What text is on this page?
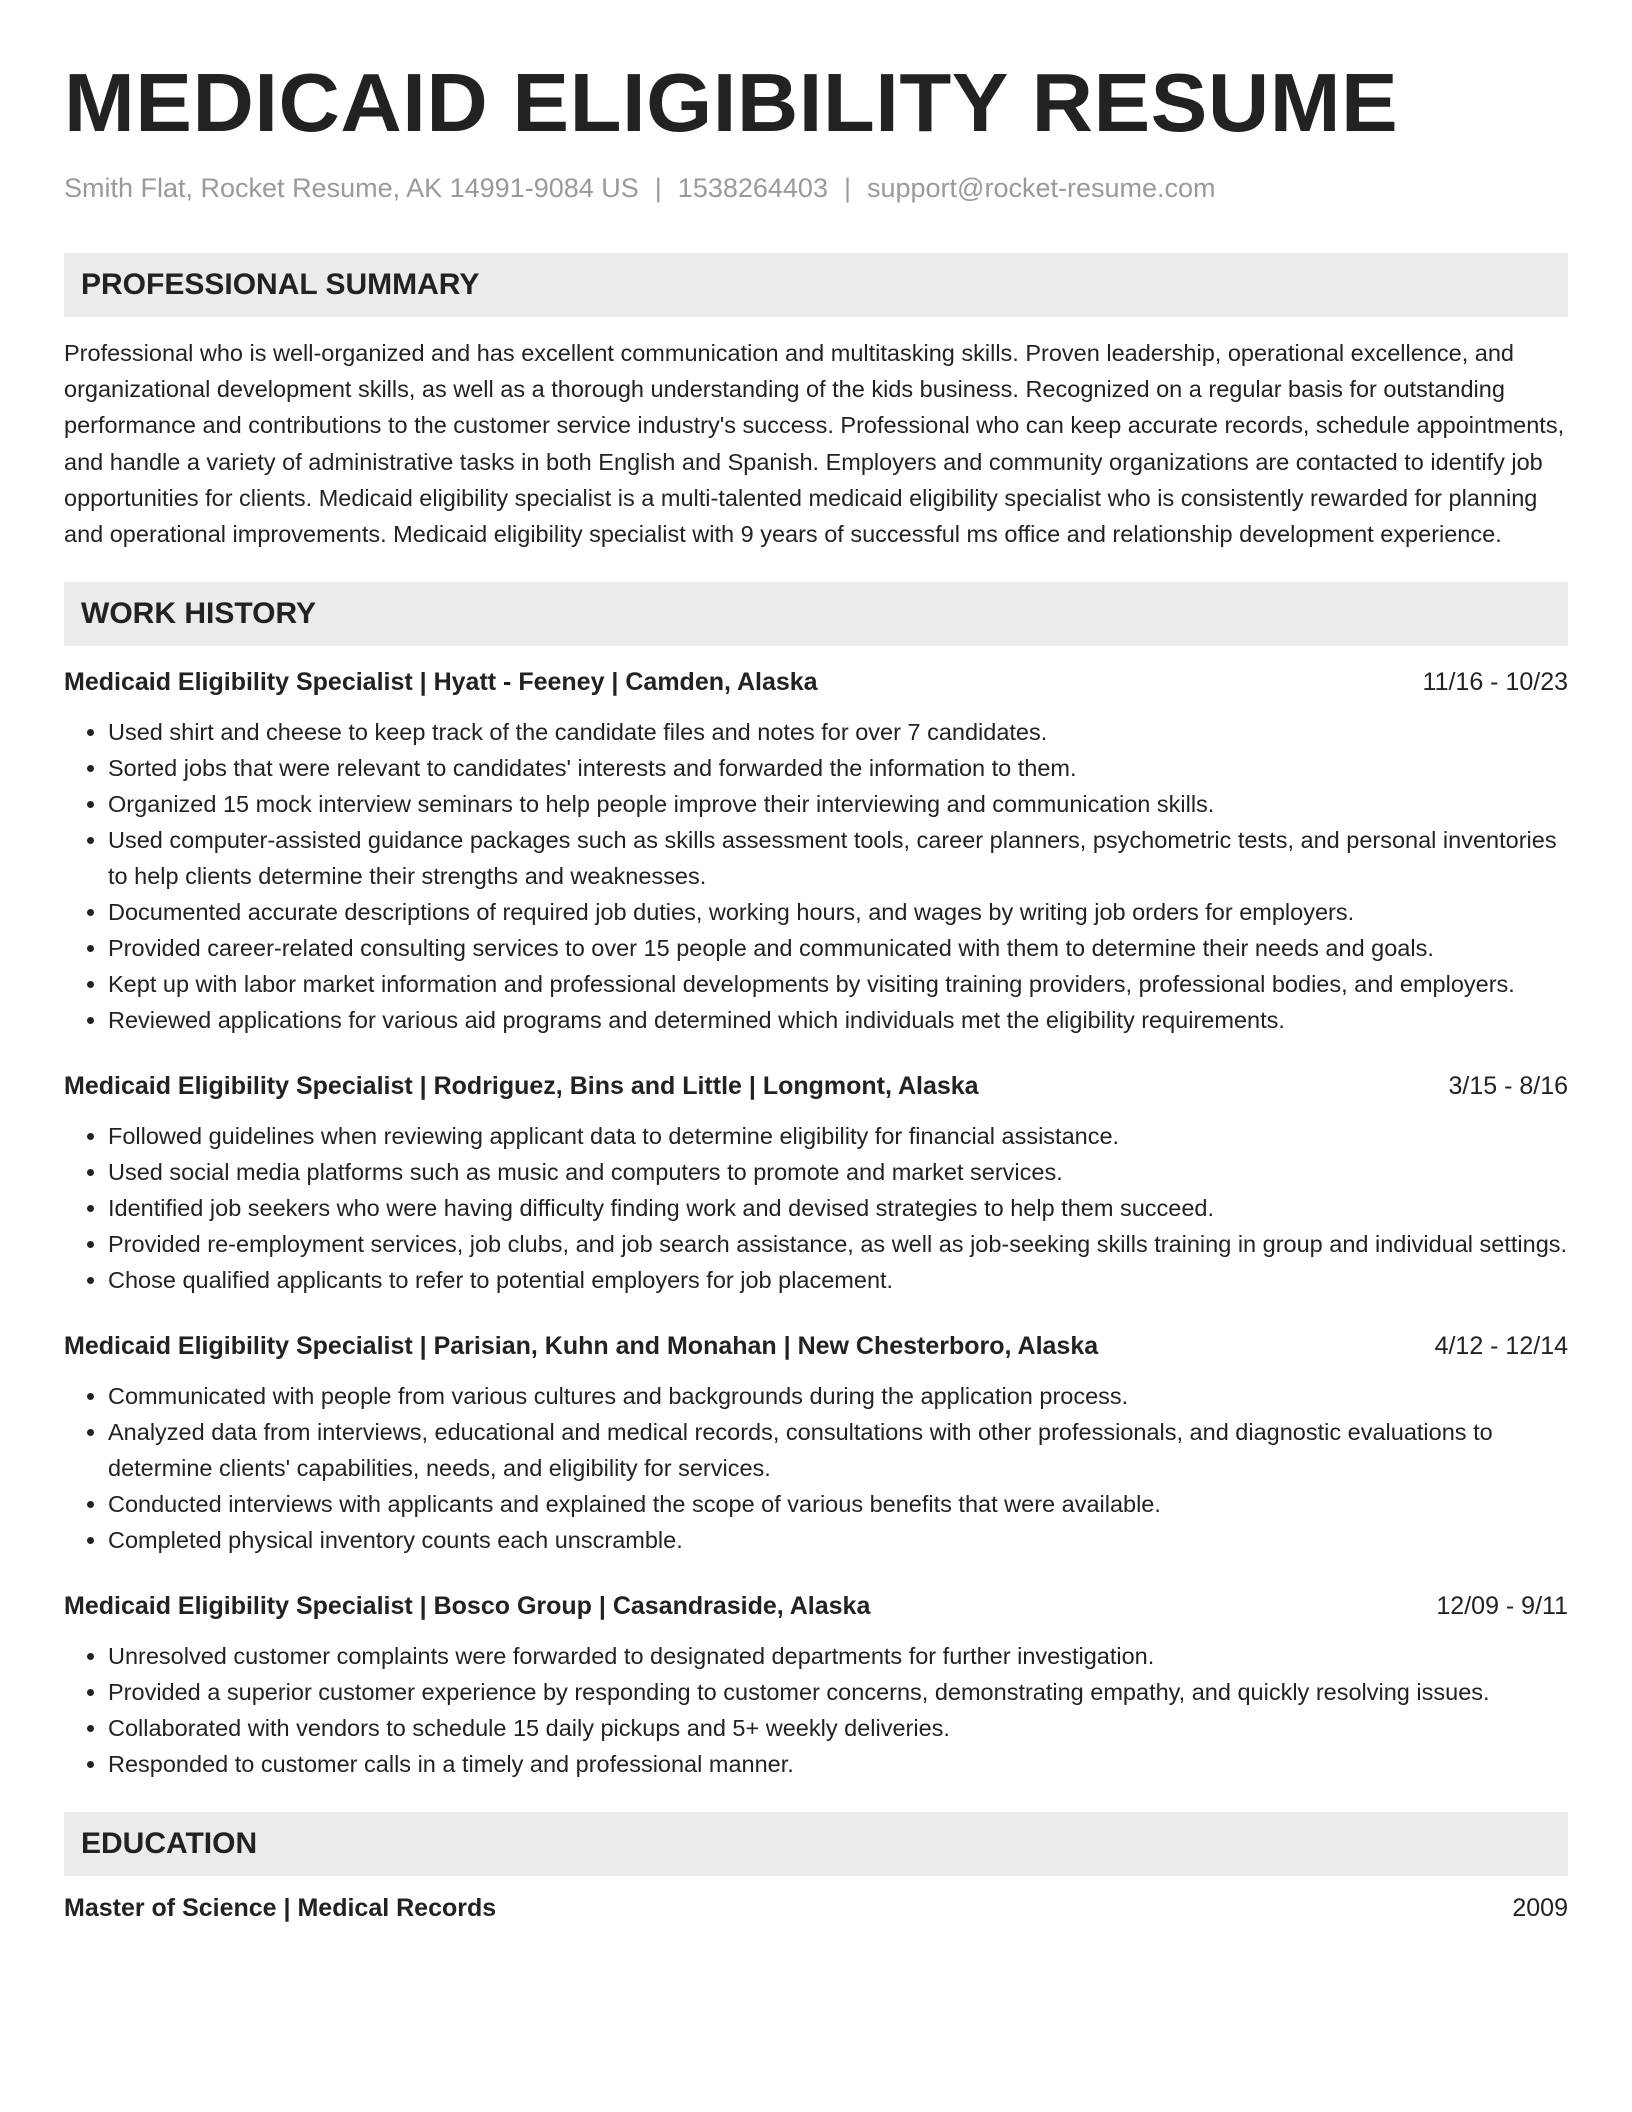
MEDICAID ELIGIBILITY RESUME
Smith Flat, Rocket Resume, AK 14991-9084 US | 1538264403 | support@rocket-resume.com
PROFESSIONAL SUMMARY
Professional who is well-organized and has excellent communication and multitasking skills. Proven leadership, operational excellence, and organizational development skills, as well as a thorough understanding of the kids business. Recognized on a regular basis for outstanding performance and contributions to the customer service industry's success. Professional who can keep accurate records, schedule appointments, and handle a variety of administrative tasks in both English and Spanish. Employers and community organizations are contacted to identify job opportunities for clients. Medicaid eligibility specialist is a multi-talented medicaid eligibility specialist who is consistently rewarded for planning and operational improvements. Medicaid eligibility specialist with 9 years of successful ms office and relationship development experience.
WORK HISTORY
Medicaid Eligibility Specialist | Hyatt - Feeney | Camden, Alaska	11/16 - 10/23
• Used shirt and cheese to keep track of the candidate files and notes for over 7 candidates.
• Sorted jobs that were relevant to candidates' interests and forwarded the information to them.
• Organized 15 mock interview seminars to help people improve their interviewing and communication skills.
• Used computer-assisted guidance packages such as skills assessment tools, career planners, psychometric tests, and personal inventories to help clients determine their strengths and weaknesses.
• Documented accurate descriptions of required job duties, working hours, and wages by writing job orders for employers.
• Provided career-related consulting services to over 15 people and communicated with them to determine their needs and goals.
• Kept up with labor market information and professional developments by visiting training providers, professional bodies, and employers.
• Reviewed applications for various aid programs and determined which individuals met the eligibility requirements.
Medicaid Eligibility Specialist | Rodriguez, Bins and Little | Longmont, Alaska	3/15 - 8/16
• Followed guidelines when reviewing applicant data to determine eligibility for financial assistance.
• Used social media platforms such as music and computers to promote and market services.
• Identified job seekers who were having difficulty finding work and devised strategies to help them succeed.
• Provided re-employment services, job clubs, and job search assistance, as well as job-seeking skills training in group and individual settings.
• Chose qualified applicants to refer to potential employers for job placement.
Medicaid Eligibility Specialist | Parisian, Kuhn and Monahan | New Chesterboro, Alaska	4/12 - 12/14
• Communicated with people from various cultures and backgrounds during the application process.
• Analyzed data from interviews, educational and medical records, consultations with other professionals, and diagnostic evaluations to determine clients' capabilities, needs, and eligibility for services.
• Conducted interviews with applicants and explained the scope of various benefits that were available.
• Completed physical inventory counts each unscramble.
Medicaid Eligibility Specialist | Bosco Group | Casandraside, Alaska	12/09 - 9/11
• Unresolved customer complaints were forwarded to designated departments for further investigation.
• Provided a superior customer experience by responding to customer concerns, demonstrating empathy, and quickly resolving issues.
• Collaborated with vendors to schedule 15 daily pickups and 5+ weekly deliveries.
• Responded to customer calls in a timely and professional manner.
EDUCATION
Master of Science | Medical Records	2009
